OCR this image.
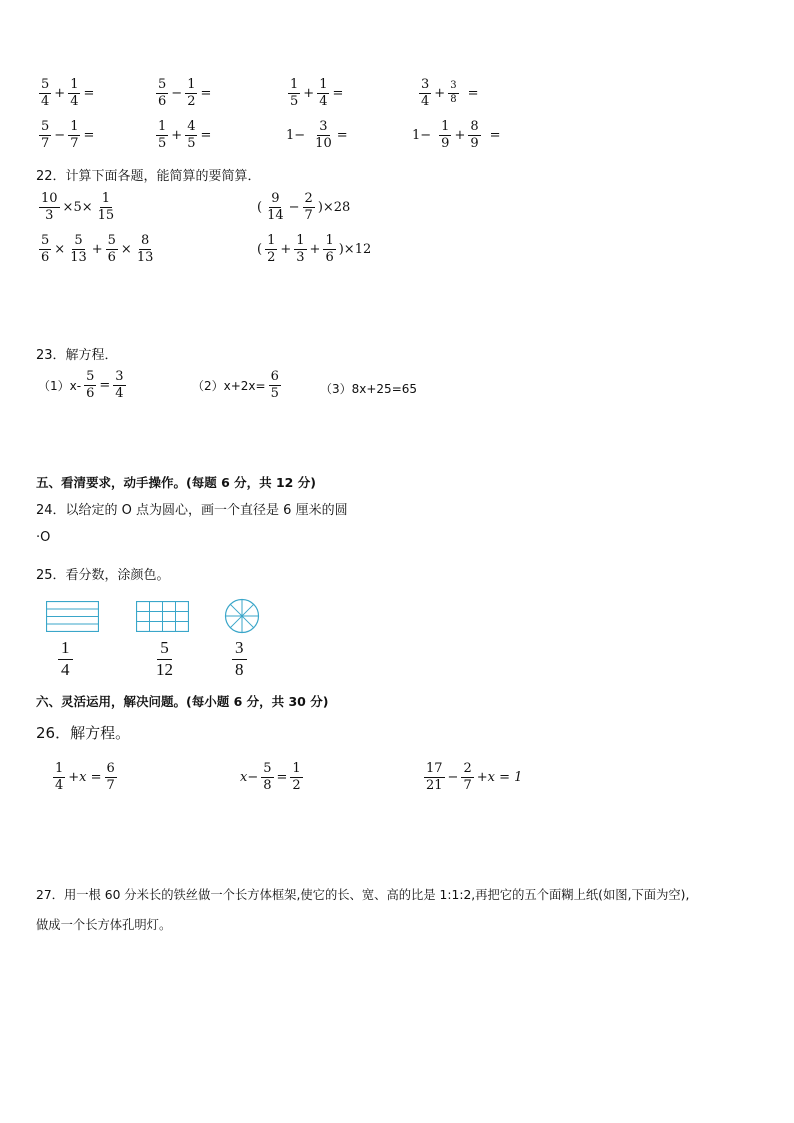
$\frac{5}{4} + \frac{1}{4}$ =	$\frac{5}{6} - \frac{1}{2}$ =	$\frac{1}{5} + \frac{1}{4}$ =	$\frac{3}{4} + \frac{3}{8}$ =
$\frac{5}{7} - \frac{1}{7}$ =	$\frac{1}{5} + \frac{4}{5}$ =	$1- \frac{3}{10}$ =	$1- \frac{1}{9} + \frac{8}{9}$ =
22．计算下面各题，能简算的要简算．
$\frac{10}{3} \times 5\times \frac{1}{15}$	( $\frac{9}{14} - \frac{2}{7} )\times 28$
$\frac{5}{6} \times \frac{5}{13} + \frac{5}{6} \times \frac{8}{13}$	( $\frac{1}{2} + \frac{1}{3} + \frac{1}{6} )\times 12$
23．解方程．
$(1)x- \frac{5}{6} = \frac{3}{4}$	$(2)x+2x= \frac{6}{5}$	（3）8x+25=65
五、看清要求，动手操作。(每题 6 分，共 12 分)
24．以给定的 O 点为圆心，画一个直径是 6 厘米的圆
·O
25．看分数，涂颜色。
$\frac{1}{4}$	$\frac{5}{12}$	$\frac{3}{8}$
六、灵活运用，解决问题。(每小题 6 分，共 30 分)
26．解方程。
$\frac{1}{4} +x = \frac{6}{7}$	$x- \frac{5}{8} = \frac{1}{2}$	$\frac{17}{21} - \frac{2}{7} +x = 1$
27．用一根 60 分米长的铁丝做一个长方体框架,使它的长、宽、高的比是 1:1:2,再把它的五个面糊上纸(如图,下面为空),
做成一个长方体孔明灯。
